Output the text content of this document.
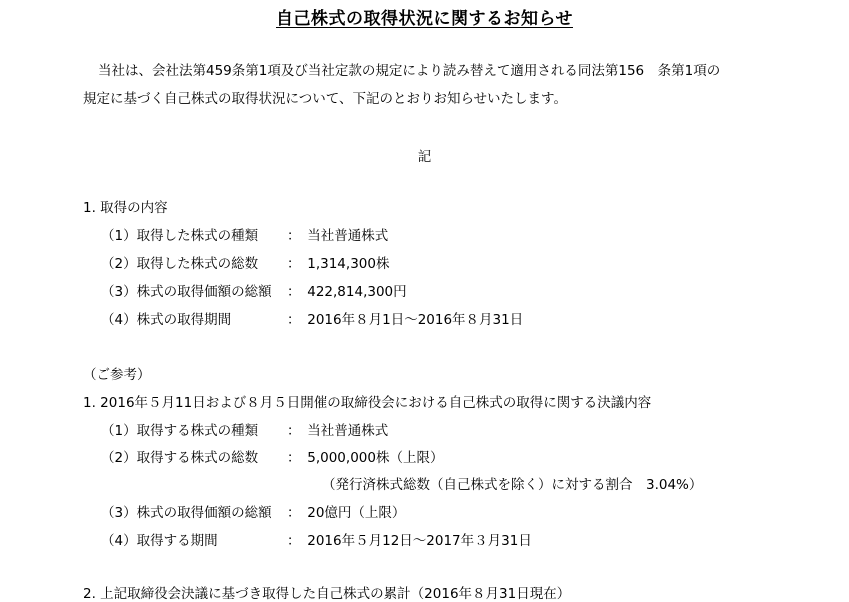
自己株式の取得状況に関するお知らせ
当社は、会社法第459条第1項及び当社定款の規定により読み替えて適用される同法第156　条第1項の
規定に基づく自己株式の取得状況について、下記のとおりお知らせいたします。
記
1. 取得の内容
（1）取得した株式の種類 ：　当社普通株式
（2）取得した株式の総数 ：　1,314,300株
（3）株式の取得価額の総額 ：　422,814,300円
（4）株式の取得期間	：　2016年８月1日～2016年８月31日
（ご参考）
1. 2016年５月11日および８月５日開催の取締役会における自己株式の取得に関する決議内容
（1）取得する株式の種類 ：　当社普通株式
（2）取得する株式の総数 ：　5,000,000株（上限）
（発行済株式総数（自己株式を除く）に対する割合　3.04%）
（3）株式の取得価額の総額 ：　20億円（上限）
（4）取得する期間	：　2016年５月12日～2017年３月31日
2. 上記取締役会決議に基づき取得した自己株式の累計（2016年８月31日現在）
